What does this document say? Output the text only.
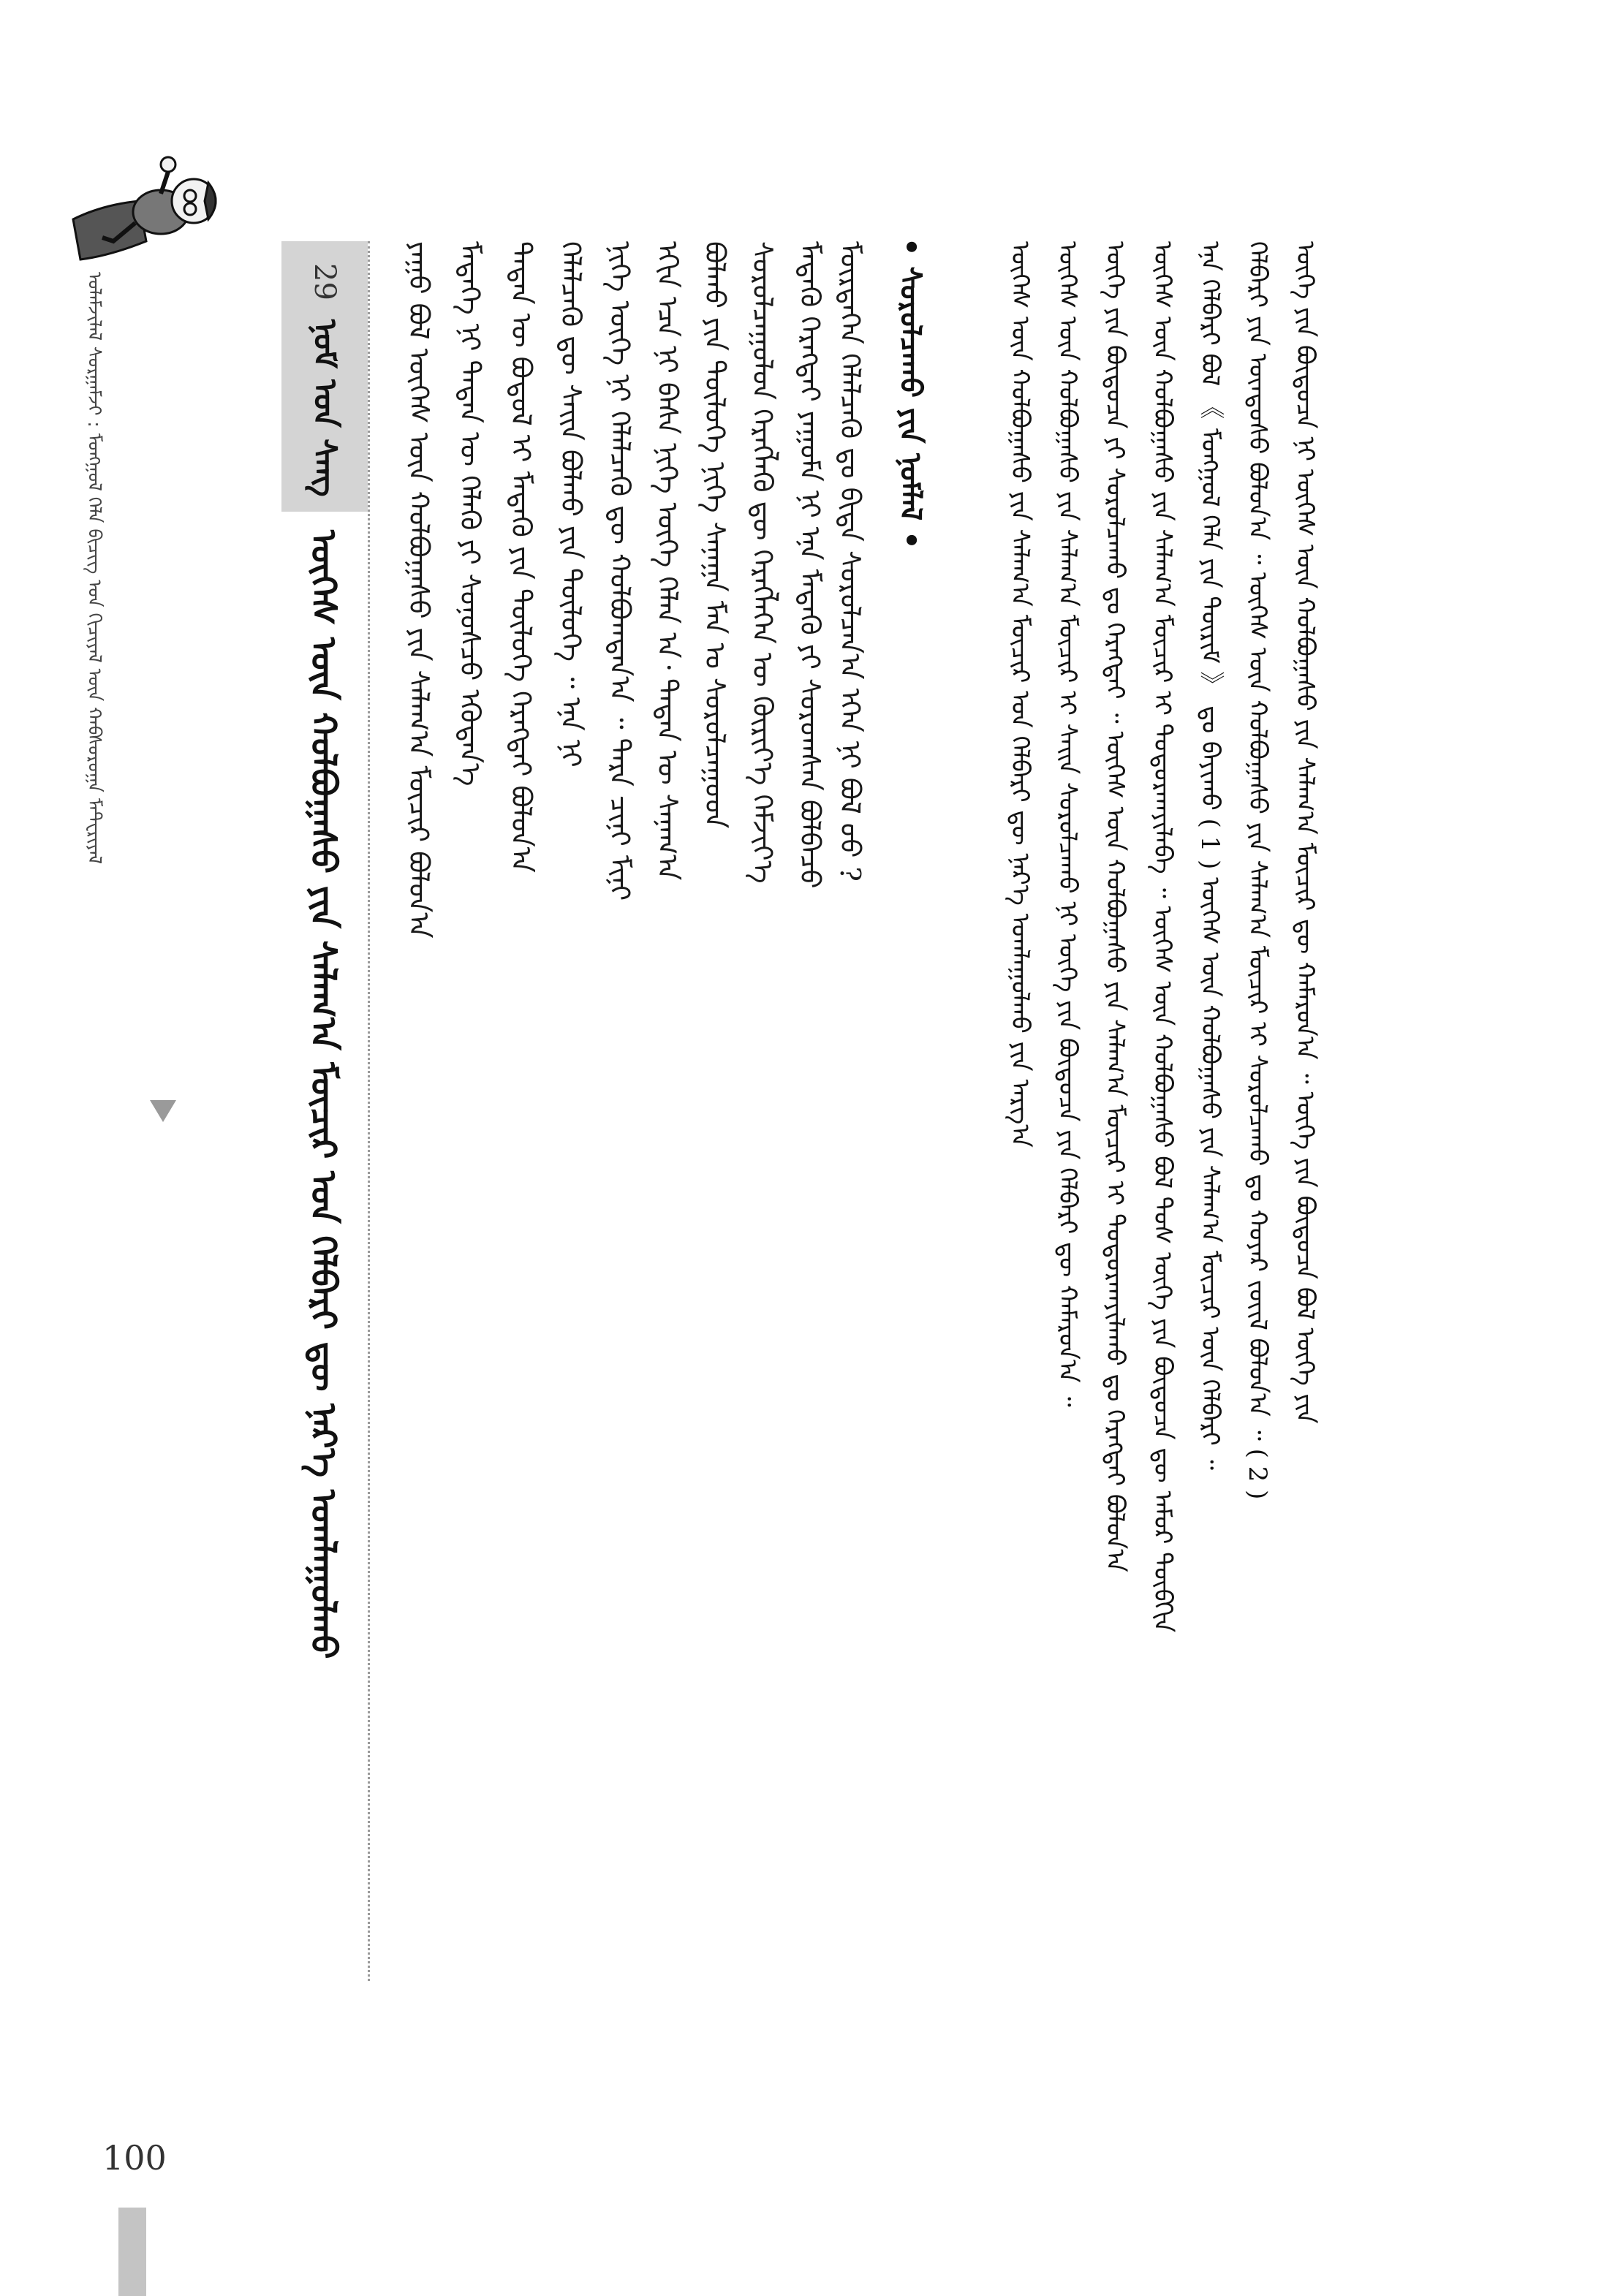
ᠤᠯᠠᠮᠵᠢᠯᠠᠯ ᠰᠤᠷᠭᠠᠮᠵᠢ : ᠮᠣᠩᠭᠣᠯ ᠬᠡᠯᠡ ᠪᠢᠴᠢᠭ ᠤᠨ ᠬᠢᠴᠢᠶᠡᠯ ᠦᠨ ᠬᠠᠪᠰᠤᠷᠤᠭᠠ ᠮᠠᠲ᠋ᠧᠷᠢᠶᠠᠯ	29
ᠨᠣᠮ ᠤᠨ ᠰᠠᠩ
ᠦᠭᠡᠰ ᠦᠨ ᠬᠣᠯᠪᠣᠭᠠᠰᠤ ᠶᠢᠨ ᠰᠠᠯᠠᠭ᠎ᠠ ᠮᠥᠴᠢᠷ ᠤᠨ ᠬᠡᠯᠪᠡᠷᠢ ᠳᠦ ᠨᠡᠷ᠎ᠡ ᠣᠭᠯᠠᠭᠤᠯᠬᠤ	ᠶᠠᠭᠤ ᠪᠣᠯ ᠦᠭᠡᠰ ᠦᠨ ᠬᠣᠯᠪᠣᠭᠠᠰᠤ ᠶᠢᠨ ᠰᠠᠯᠠᠭ᠎ᠠ ᠮᠥᠴᠢᠷ ᠪᠣᠯᠤᠨ᠎ᠠ ᠮᠡᠳᠡᠭᠡ ᠨᠢ ᠲᠡᠳᠡᠨ ᠦ ᠬᠡᠯᠡᠬᠦ ᠶᠢ ᠰᠣᠨᠣᠰᠴᠤ ᠡᠭᠦᠳᠡᠨ᠎ᠡ ᠲᠡᠳᠡᠨ ᠦ ᠪᠣᠳᠤᠯ ᠢ ᠮᠡᠳᠡᠬᠦ ᠶᠢᠨ ᠲᠥᠯᠥᠭᠡ ᠬᠡᠷᠡᠭᠲᠡᠢ ᠪᠣᠯᠤᠨ᠎ᠠ ᠬᠡᠯᠡᠯᠴᠡᠬᠦ ᠳᠦ ᠰᠠᠢᠨ ᠪᠣᠯᠬᠤ ᠶᠢᠨ ᠲᠥᠯᠥᠭᠡ ᠃ ᠡᠨᠡ ᠨᠢ ᠨᠢᠭᠡ ᠦᠭᠡ ᠨᠢ ᠬᠡᠯᠡᠯᠴᠡᠬᠦ ᠳᠦ ᠬᠣᠯᠪᠣᠭᠳᠠᠨ᠎ᠠ ᠃ ᠲᠡᠷᠡ ᠴᠢᠨᠢ ᠮᠢᠨᠢ ᠡᠬᠢᠨ ᠡᠴᠡ ᠨᠢ ᠪᠠᠰᠠ ᠨᠢᠭᠡ ᠦᠭᠡ ᠬᠡᠯᠡᠨ ᠠ᠂ ᠲᠡᠳᠡᠨ ᠦ ᠰᠠᠨᠠᠭ᠎ᠠ ᠪᠣᠯᠬᠤ ᠶᠢᠨ ᠲᠥᠯᠥᠭᠡ ᠨᠢᠭᠡ ᠰᠠᠨᠠᠭᠠ ᠮᠠᠨ ᠤ ᠰᠤᠷᠤᠯᠴᠠᠭᠤᠳ ᠰᠤᠷᠤᠯᠴᠠᠭᠤᠯᠤᠨ ᠬᠡᠷᠡᠭᠯᠡᠬᠦ ᠳᠦ ᠬᠡᠷᠡᠭᠯᠡᠭᠡᠨ ᠦ ᠬᠦᠷᠢᠶ᠎ᠡ ᠬᠡᠮᠵᠢᠶ᠎ᠡ ᠮᠡᠳᠡᠬᠦ ᠬᠡᠷᠡᠭᠲᠡᠢ ᠶᠠᠭᠤᠮᠠ ᠨᠢ ᠡᠨᠡ ᠮᠡᠳᠡᠭᠦ ᠶᠢ ᠰᠤᠷᠤᠭᠰᠠᠨ ᠪᠣᠯᠪᠠᠴᠤ ᠮᠥᠷᠲᠡᠭᠡᠨ ᠬᠡᠯᠡᠯᠴᠡᠬᠦ ᠳᠤ ᠪᠢᠳᠡ ᠰᠤᠷᠤᠯᠴᠠᠨ᠎ᠠ ᠡᠭᠡᠨ ᠨᠢ ᠪᠣᠯ ᠤᠤ ? • ᠰᠤᠷᠤᠯᠴᠠᠬᠤ ᠶᠢᠨ ᠨᠣᠮᠯᠠᠯ •	ᠦᠭᠡᠰ ᠦᠨ ᠬᠣᠯᠪᠣᠭᠠᠰᠤ ᠶᠢᠨ ᠰᠠᠯᠠᠭ᠎ᠠ ᠮᠥᠴᠢᠷ ᠤᠨ ᠬᠡᠯᠪᠡᠷᠢ ᠳᠦ ᠨᠡᠷ᠎ᠡ ᠣᠭᠯᠠᠭᠤᠯᠬᠤ ᠶᠢᠨ ᠠᠷᠭ᠎ᠠ ᠦᠭᠡᠰ ᠦᠨ ᠬᠣᠯᠪᠣᠭᠠᠰᠤ ᠶᠢᠨ ᠰᠠᠯᠠᠭ᠎ᠠ ᠮᠥᠴᠢᠷ ᠢ ᠰᠠᠢᠨ ᠰᠤᠷᠤᠯᠴᠠᠬᠤ ᠨᠢ ᠦᠭᠡ ᠶᠢᠨ ᠪᠦᠲᠦᠴᠡ ᠶᠢᠨ ᠬᠡᠯᠪᠡᠷᠢ ᠳᠦ ᠬᠠᠮᠠᠷᠤᠨ᠎ᠠ ᠃ ᠦᠭᠡ ᠶᠢᠨ ᠪᠦᠲᠦᠴᠡ ᠶᠢ ᠰᠤᠷᠤᠯᠴᠠᠬᠤ ᠳᠤ ᠬᠡᠷᠡᠭᠲᠡᠢ ᠃ ᠦᠭᠡᠰ ᠦᠨ ᠬᠣᠯᠪᠣᠭᠠᠰᠤ ᠶᠢᠨ ᠰᠠᠯᠠᠭ᠎ᠠ ᠮᠥᠴᠢᠷ ᠢ ᠲᠣᠳᠤᠷᠬᠠᠶᠢᠯᠠᠬᠤ ᠳᠤ ᠬᠡᠷᠡᠭᠲᠡᠢ ᠪᠣᠯᠤᠨ᠎ᠠ ᠦᠭᠡᠰ ᠦᠨ ᠬᠣᠯᠪᠣᠭᠠᠰᠤ ᠶᠢᠨ ᠰᠠᠯᠠᠭ᠎ᠠ ᠮᠥᠴᠢᠷ ᠢ ᠲᠣᠳᠤᠷᠬᠠᠶᠢᠯᠠᠪᠠ ᠃ ᠦᠭᠡᠰ ᠦᠨ ᠬᠣᠯᠪᠣᠭᠠᠰᠤ ᠪᠣᠯ ᠲᠤᠰ ᠦᠭᠡ ᠶᠢᠨ ᠪᠦᠲᠦᠴᠡ ᠳᠦ ᠠᠮᠤᠷ ᠲᠥᠪᠬᠢᠨ ᠡᠨᠡ ᠬᠡᠯᠪᠡᠷᠢ ᠪᠣᠯ 《 ᠮᠣᠩᠭᠣᠯ ᠬᠡᠯᠡ ᠶᠢᠨ ᠳᠦᠷᠢᠮ 》 ᠳᠤ ᠪᠠᠶᠢᠬᠤ ( 1 ) ᠦᠭᠡᠰ ᠦᠨ ᠬᠣᠯᠪᠣᠭᠠᠰᠤ ᠶᠢᠨ ᠰᠠᠯᠠᠭ᠎ᠠ ᠮᠥᠴᠢᠷ ᠦᠨ ᠬᠡᠯᠪᠡᠷᠢ ᠃ ᠬᠡᠯᠪᠡᠷᠢ ᠶᠢᠨ ᠦᠨᠳᠦᠰᠦ ᠪᠣᠯᠤᠨ᠎ᠠ ᠃ ᠦᠭᠡᠰ ᠦᠨ ᠬᠣᠯᠪᠣᠭᠠᠰᠤ ᠶᠢᠨ ᠰᠠᠯᠠᠭ᠎ᠠ ᠮᠥᠴᠢᠷ ᠢ ᠰᠤᠷᠤᠯᠴᠠᠬᠤ ᠳᠤ ᠬᠣᠶᠠᠷ ᠵᠦᠢᠯ ᠪᠣᠯᠤᠨ᠎ᠠ ᠃ ( 2 ) ᠦᠭᠡ ᠶᠢᠨ ᠪᠦᠲᠦᠴᠡ ᠨᠢ ᠦᠭᠡᠰ ᠦᠨ ᠬᠣᠯᠪᠣᠭᠠᠰᠤ ᠶᠢᠨ ᠰᠠᠯᠠᠭ᠎ᠠ ᠮᠥᠴᠢᠷ ᠳᠦ ᠬᠠᠮᠠᠷᠤᠨ᠎ᠠ ᠃ ᠦᠭᠡ ᠶᠢᠨ ᠪᠦᠲᠦᠴᠡ ᠪᠣᠯ ᠦᠭᠡ ᠶᠢᠨ
100
